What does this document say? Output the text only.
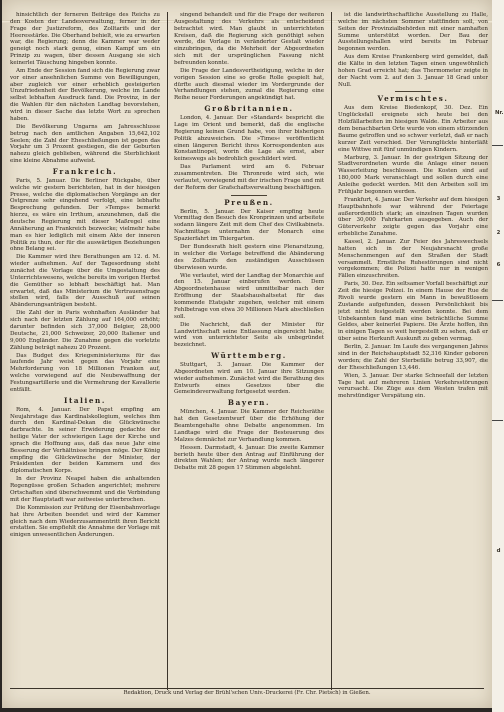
hinsichtlich der ferneren Beiträge des Reichs zu den Kosten der Landesverwaltung, ferner in der Frage der Justizreform, des Zolltarifs und der Heeresstärke. Die Oberhand behielt, wie zu erwarten war, die Regierung; denn die Kammer war weder geneigt noch stark genug, einen Kampf um ein Prinzip zu wagen, über dessen Ausgang sie sich keinerlei Täuschung hingeben konnte.

Am Ende der Session fand sich die Regierung zwar vor einer ansehnlichen Summe von Bewilligungen, aber zugleich vor einer erheblich gesteigerten Unzufriedenheit der Bevölkerung, welche im Lande selbst lebhaften Ausdruck fand. Die Provinz, in der die Wahlen für den nächsten Landtag bevorstehen, wird in dieser Sache das letzte Wort zu sprechen haben.

Die Bevölkerung Ungarns am Jahresschlusse betrug nach den amtlichen Angaben 15,642,102 Seelen; die Zahl der Eheschließungen ist gegen das Vorjahr um 3 Prozent gestiegen, die der Geburten nahezu gleich geblieben, während die Sterblichkeit eine kleine Abnahme aufweist.

Frankreich.

Paris, 5. Januar. Die Berliner Rückgabe, über welche wir gestern berichteten, hat in der hiesigen Presse, welche die diplomatischen Vorgänge an der Ostgrenze sehr eingehend verfolgt, eine lebhafte Besprechung gefunden. Der »Temps« bemerkt hierzu, es wäre ein Irrthum, anzunehmen, daß die deutsche Regierung mit dieser Maßregel eine Annäherung an Frankreich bezwecke; vielmehr habe man es hier lediglich mit einem Akte der inneren Politik zu thun, der für die auswärtigen Beziehungen ohne Belang sei.

Die Kammer wird ihre Berathungen am 12. d. M. wieder aufnehmen. Auf der Tagesordnung steht zunächst die Vorlage über die Umgestaltung des Unterrichtswesens, welche bereits im vorigen Herbst die Gemüther so lebhaft beschäftigt hat. Man erwartet, daß das Ministerium die Vertrauensfrage stellen wird, falls der Ausschuß auf seinen Abänderungsanträgen besteht.

Die Zahl der in Paris wohnhaften Ausländer hat sich nach der letzten Zählung auf 164,000 erhöht; darunter befinden sich 37,000 Belgier, 28,000 Deutsche, 21,000 Schweizer, 20,000 Italiener und 9,000 Engländer. Die Zunahme gegen die vorletzte Zählung beträgt nahezu 20 Prozent.

Das Budget des Kriegsministeriums für das laufende Jahr weist gegen das Vorjahr eine Mehrforderung von 18 Millionen Franken auf, welche vorwiegend auf die Neubewaffnung der Festungsartillerie und die Vermehrung der Kavallerie entfällt.

Italien.

Rom, 4. Januar. Der Papst empfing am Neujahrstage das Kardinalskollegium, welches ihm durch den Kardinal-Dekan die Glückwünsche darbrachte. In seiner Erwiderung gedachte der heilige Vater der schwierigen Lage der Kirche und sprach die Hoffnung aus, daß das neue Jahr eine Besserung der Verhältnisse bringen möge. Der König empfing die Glückwünsche der Minister, der Präsidenten der beiden Kammern und des diplomatischen Korps.

In der Provinz Neapel haben die anhaltenden Regengüsse großen Schaden angerichtet; mehrere Ortschaften sind überschwemmt und die Verbindung mit der Hauptstadt war zeitweise unterbrochen.

Die Kommission zur Prüfung der Eisenbahnvorlage hat ihre Arbeiten beendet und wird der Kammer gleich nach dem Wiederzusammentritt ihren Bericht erstatten. Sie empfiehlt die Annahme der Vorlage mit einigen unwesentlichen Änderungen.

singend behandelt und für die Frage der weiteren Ausgestaltung des Verkehrs als entscheidend betrachtet wird. Man glaubt in unterrichteten Kreisen, daß die Regierung sich genöthigt sehen werde, die Vorlage in veränderter Gestalt wieder einzubringen, da die Mehrheit der Abgeordneten sich mit der ursprünglichen Fassung nicht befreunden konnte.

Die Frage der Landesvertheidigung, welche in der vorigen Session eine so große Rolle gespielt hat, dürfte auch diesmal wieder im Vordergrunde der Verhandlungen stehen, zumal die Regierung eine Reihe neuer Forderungen angekündigt hat.

Großbritannien.

London, 4. Januar. Der »Standard« bespricht die Lage im Orient und bemerkt, daß die englische Regierung keinen Grund habe, von ihrer bisherigen Politik abzuweichen. Die »Times« veröffentlicht einen längeren Bericht ihres Korrespondenten aus Konstantinopel, worin die Lage als ernst, aber keineswegs als bedrohlich geschildert wird.

Das Parlament wird am 6. Februar zusammentreten. Die Thronrede wird sich, wie verlautet, vorwiegend mit der irischen Frage und mit der Reform der Grafschaftsverwaltung beschäftigen.

Preußen.

Berlin, 5. Januar. Der Kaiser empfing heute Vormittag den Besuch des Kronprinzen und arbeitete sodann längere Zeit mit dem Chef des Civilkabinets. Nachmittags unternahm der Monarch eine Spazierfahrt im Thiergarten.

Der Bundesrath hielt gestern eine Plenarsitzung, in welcher die Vorlage betreffend die Abänderung des Zolltarifs den zuständigen Ausschüssen überwiesen wurde.

Wie verlautet, wird der Landtag der Monarchie auf den 15. Januar einberufen werden. Dem Abgeordnetenhause wird unmittelbar nach der Eröffnung der Staatshaushaltsetat für das kommende Etatsjahr zugehen, welcher mit einem Fehlbetrage von etwa 30 Millionen Mark abschließen soll.

Die Nachricht, daß der Minister für Landwirthschaft seine Entlassung eingereicht habe, wird von unterrichteter Seite als unbegründet bezeichnet.

Württemberg.

Stuttgart, 3. Januar. Die Kammer der Abgeordneten wird am 10. Januar ihre Sitzungen wieder aufnehmen. Zunächst wird die Berathung des Entwurfs eines Gesetzes über die Gemeindeverwaltung fortgesetzt werden.

Bayern.

München, 4. Januar. Die Kammer der Reichsräthe hat den Gesetzentwurf über die Erhöhung der Beamtengehalte ohne Debatte angenommen. Im Landtage wird die Frage der Besteuerung des Malzes demnächst zur Verhandlung kommen.

Hessen. Darmstadt, 4. Januar. Die zweite Kammer berieth heute über den Antrag auf Einführung der direkten Wahlen; der Antrag wurde nach längerer Debatte mit 28 gegen 17 Stimmen abgelehnt.

ist die landwirthschaftliche Ausstellung zu Halle, welche im nächsten Sommer stattfinden soll, von Seiten der Provinzialbehörden mit einer namhaften Summe unterstützt worden. Der Bau der Ausstellungshallen wird bereits im Februar begonnen werden.

Aus dem Kreise Frankenberg wird gemeldet, daß die Kälte in den letzten Tagen einen ungewöhnlich hohen Grad erreicht hat; das Thermometer zeigte in der Nacht vom 2. auf den 3. Januar 18 Grad unter Null.

Vermischtes.

Aus dem Kreise Biedenkopf, 30. Dez. Ein Unglücksfall ereignete sich heute bei den Holzfällarbeiten im hiesigen Walde. Ein Arbeiter aus dem benachbarten Orte wurde von einem stürzenden Baume getroffen und so schwer verletzt, daß er nach kurzer Zeit verschied. Der Verunglückte hinterläßt eine Wittwe mit fünf unmündigen Kindern.

Marburg, 3. Januar. In der gestrigen Sitzung der Stadtverordneten wurde die Anlage einer neuen Wasserleitung beschlossen. Die Kosten sind auf 180,000 Mark veranschlagt und sollen durch eine Anleihe gedeckt werden. Mit den Arbeiten soll im Frühjahr begonnen werden.

Frankfurt, 4. Januar. Der Verkehr auf dem hiesigen Hauptbahnhofe war während der Feiertage außerordentlich stark; an einzelnen Tagen wurden über 30,000 Fahrkarten ausgegeben. Auch der Güterverkehr zeigte gegen das Vorjahr eine erhebliche Zunahme.

Kassel, 2. Januar. Zur Feier des Jahreswechsels hatten sich in der Neujahrsnacht große Menschenmengen auf den Straßen der Stadt versammelt. Ernstliche Ruhestörungen sind nicht vorgekommen; die Polizei hatte nur in wenigen Fällen einzuschreiten.

Paris, 30. Dez. Ein seltsamer Vorfall beschäftigt zur Zeit die hiesige Polizei. In einem Hause der Rue de Rivoli wurde gestern ein Mann in bewußtlosem Zustande aufgefunden, dessen Persönlichkeit bis jetzt nicht festgestellt werden konnte. Bei dem Unbekannten fand man eine beträchtliche Summe Geldes, aber keinerlei Papiere. Die Ärzte hoffen, ihn in einigen Tagen so weit hergestellt zu sehen, daß er über seine Herkunft Auskunft zu geben vermag.

Berlin, 2. Januar. Im Laufe des vergangenen Jahres sind in der Reichshauptstadt 52,316 Kinder geboren worden; die Zahl der Sterbefälle betrug 33,907, die der Eheschließungen 13,446.

Wien, 3. Januar. Der starke Schneefall der letzten Tage hat auf mehreren Linien Verkehrsstörungen verursacht. Die Züge aus dem Westen trafen mit mehrstündiger Verspätung ein.

Redaktion, Druck und Verlag der Brühl'schen Univ.-Druckerei (Fr. Chr. Pietsch) in Gießen.
Nr.
3
2
6
d
